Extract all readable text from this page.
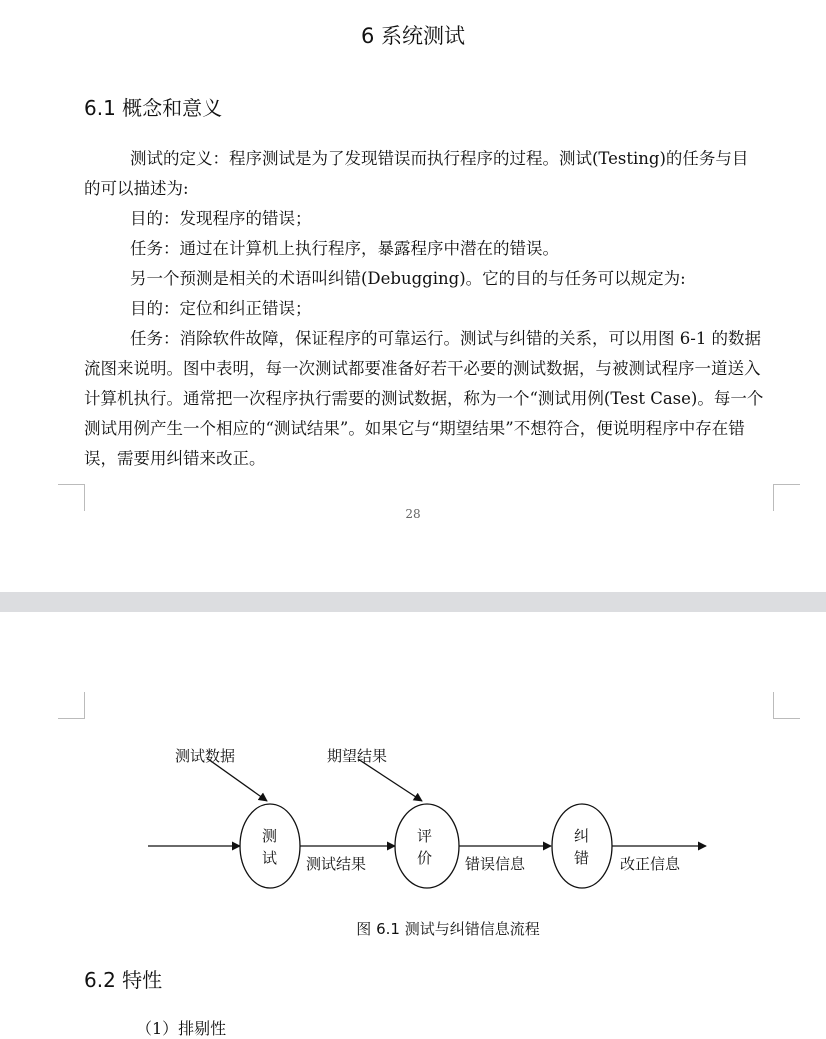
6 系统测试
6.1 概念和意义

测试的定义：程序测试是为了发现错误而执行程序的过程。测试(Testing)的任务与目的可以描述为:

目的：发现程序的错误；
任务：通过在计算机上执行程序，暴露程序中潜在的错误。
另一个预测是相关的术语叫纠错(Debugging)。它的目的与任务可以规定为:
目的：定位和纠正错误；

任务：消除软件故障，保证程序的可靠运行。测试与纠错的关系，可以用图 6-1 的数据流图来说明。图中表明，每一次测试都要准备好若干必要的测试数据，与被测试程序一道送入计算机执行。通常把一次程序执行需要的测试数据，称为一个“测试用例(Test Case)。每一个测试用例产生一个相应的“测试结果”。如果它与“期望结果”不想符合，便说明程序中存在错误，需要用纠错来改正。

28
测试数据	期望结果
测
试
评
价
纠
错
测试结果	错误信息	改正信息
图 6.1 测试与纠错信息流程
6.2 特性
（1）排剔性
